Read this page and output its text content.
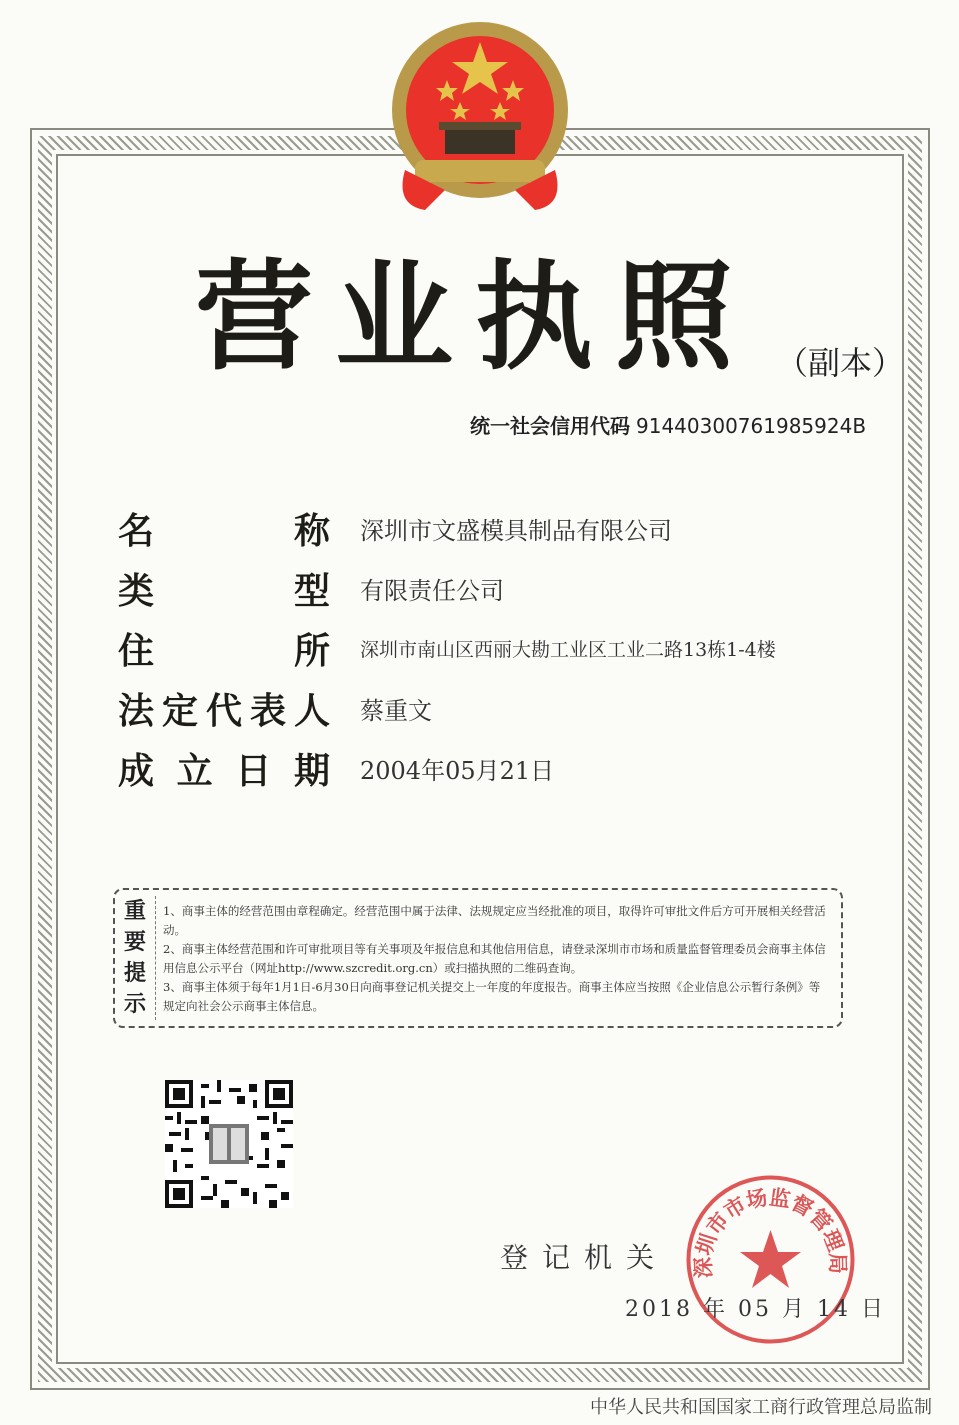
营业执照 （副本）
统一社会信用代码 91440300761985924B
名称 深圳市文盛模具制品有限公司
类型 有限责任公司
住所 深圳市南山区西丽大勘工业区工业二路13栋1-4楼
法定代表人 蔡重文
成立日期 2004年05月21日
重
要
提
示
1、商事主体的经营范围由章程确定。经营范围中属于法律、法规规定应当经批准的项目，取得许可审批文件后方可开展相关经营活动。
2、商事主体经营范围和许可审批项目等有关事项及年报信息和其他信用信息，请登录深圳市市场和质量监督管理委员会商事主体信用信息公示平台（网址http://www.szcredit.org.cn）或扫描执照的二维码查询。
3、商事主体须于每年1月1日-6月30日向商事登记机关提交上一年度的年度报告。商事主体应当按照《企业信息公示暂行条例》等规定向社会公示商事主体信息。
登记机关 深圳市市场监督管理局
2018 年 05 月 14 日
中华人民共和国国家工商行政管理总局监制
